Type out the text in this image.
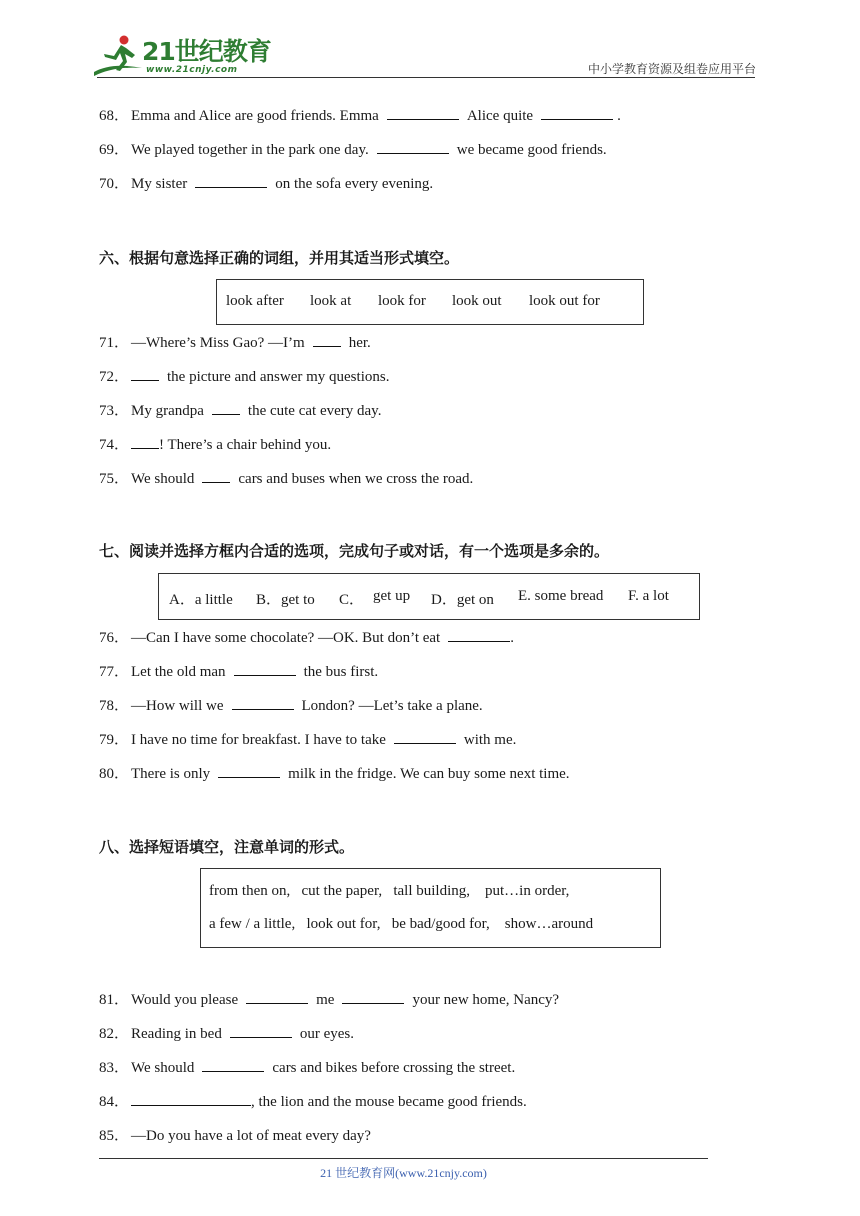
21世纪教育
www.21cnjy.com	中小学教育资源及组卷应用平台
68． Emma and Alice are good friends. Emma	Alice quite	.
69． We played together in the park one day.	we became good friends.
70． My sister	on the sofa every evening.
六、根据句意选择正确的词组，并用其适当形式填空。
look after look at look for look out look out for
71． —Where’s Miss Gao? —I’m	her.
72．	the picture and answer my questions.
73． My grandpa	the cute cat every day.
74． ! There’s a chair behind you.
75． We should	cars and buses when we cross the road.
七、阅读并选择方框内合适的选项，完成句子或对话，有一个选项是多余的。
A．a little B．get to C． get up D．get on E. some bread F. a lot
76． —Can I have some chocolate? —OK. But don’t eat	.
77． Let the old man	the bus first.
78． —How will we	London? —Let’s take a plane.
79． I have no time for breakfast. I have to take	with me.
80． There is only	milk in the fridge. We can buy some next time.
八、选择短语填空，注意单词的形式。
from then on,   cut the paper,   tall building,    put…in order,
a few / a little,   look out for,   be bad/good for,    show…around
81． Would you please	me	your new home, Nancy?
82． Reading in bed	our eyes.
83． We should	cars and bikes before crossing the street.
84．	, the lion and the mouse became good friends.
85． —Do you have a lot of meat every day?
21 世纪教育网(www.21cnjy.com)
